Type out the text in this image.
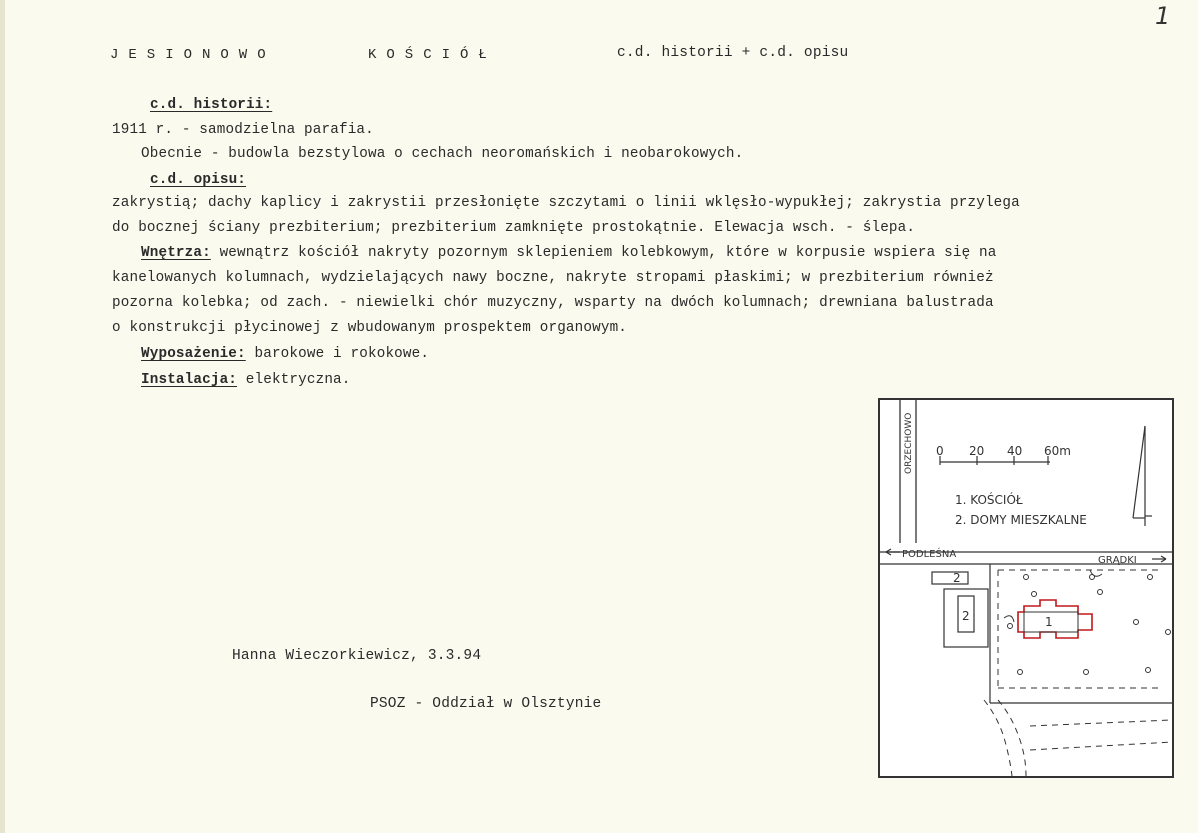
1
JESIONOWO	KOŚCIÓŁ	c.d. historii + c.d. opisu
c.d. historii:
1911 r. - samodzielna parafia.
Obecnie - budowla bezstylowa o cechach neoromańskich i neobarokowych.
c.d. opisu:
zakrystią; dachy kaplicy i zakrystii przesłonięte szczytami o linii wklęsło-wypukłej; zakrystia przylega
do bocznej ściany prezbiterium; prezbiterium zamknięte prostokątnie. Elewacja wsch. - ślepa.
Wnętrza: wewnątrz kościół nakryty pozornym sklepieniem kolebkowym, które w korpusie wspiera się na
kanelowanych kolumnach, wydzielających nawy boczne, nakryte stropami płaskimi; w prezbiterium również
pozorna kolebka; od zach. - niewielki chór muzyczny, wsparty na dwóch kolumnach; drewniana balustrada
o konstrukcji płycinowej z wbudowanym prospektem organowym.
Wyposażenie: barokowe i rokokowe.
Instalacja: elektryczna.
Hanna Wieczorkiewicz, 3.3.94
PSOZ - Oddział w Olsztynie
ORZECHOWO 0 20 40 60m
1. KOŚCIÓŁ
2. DOMY MIESZKALNE
PODLEŚNA
GRĄDKI
2
2	1
